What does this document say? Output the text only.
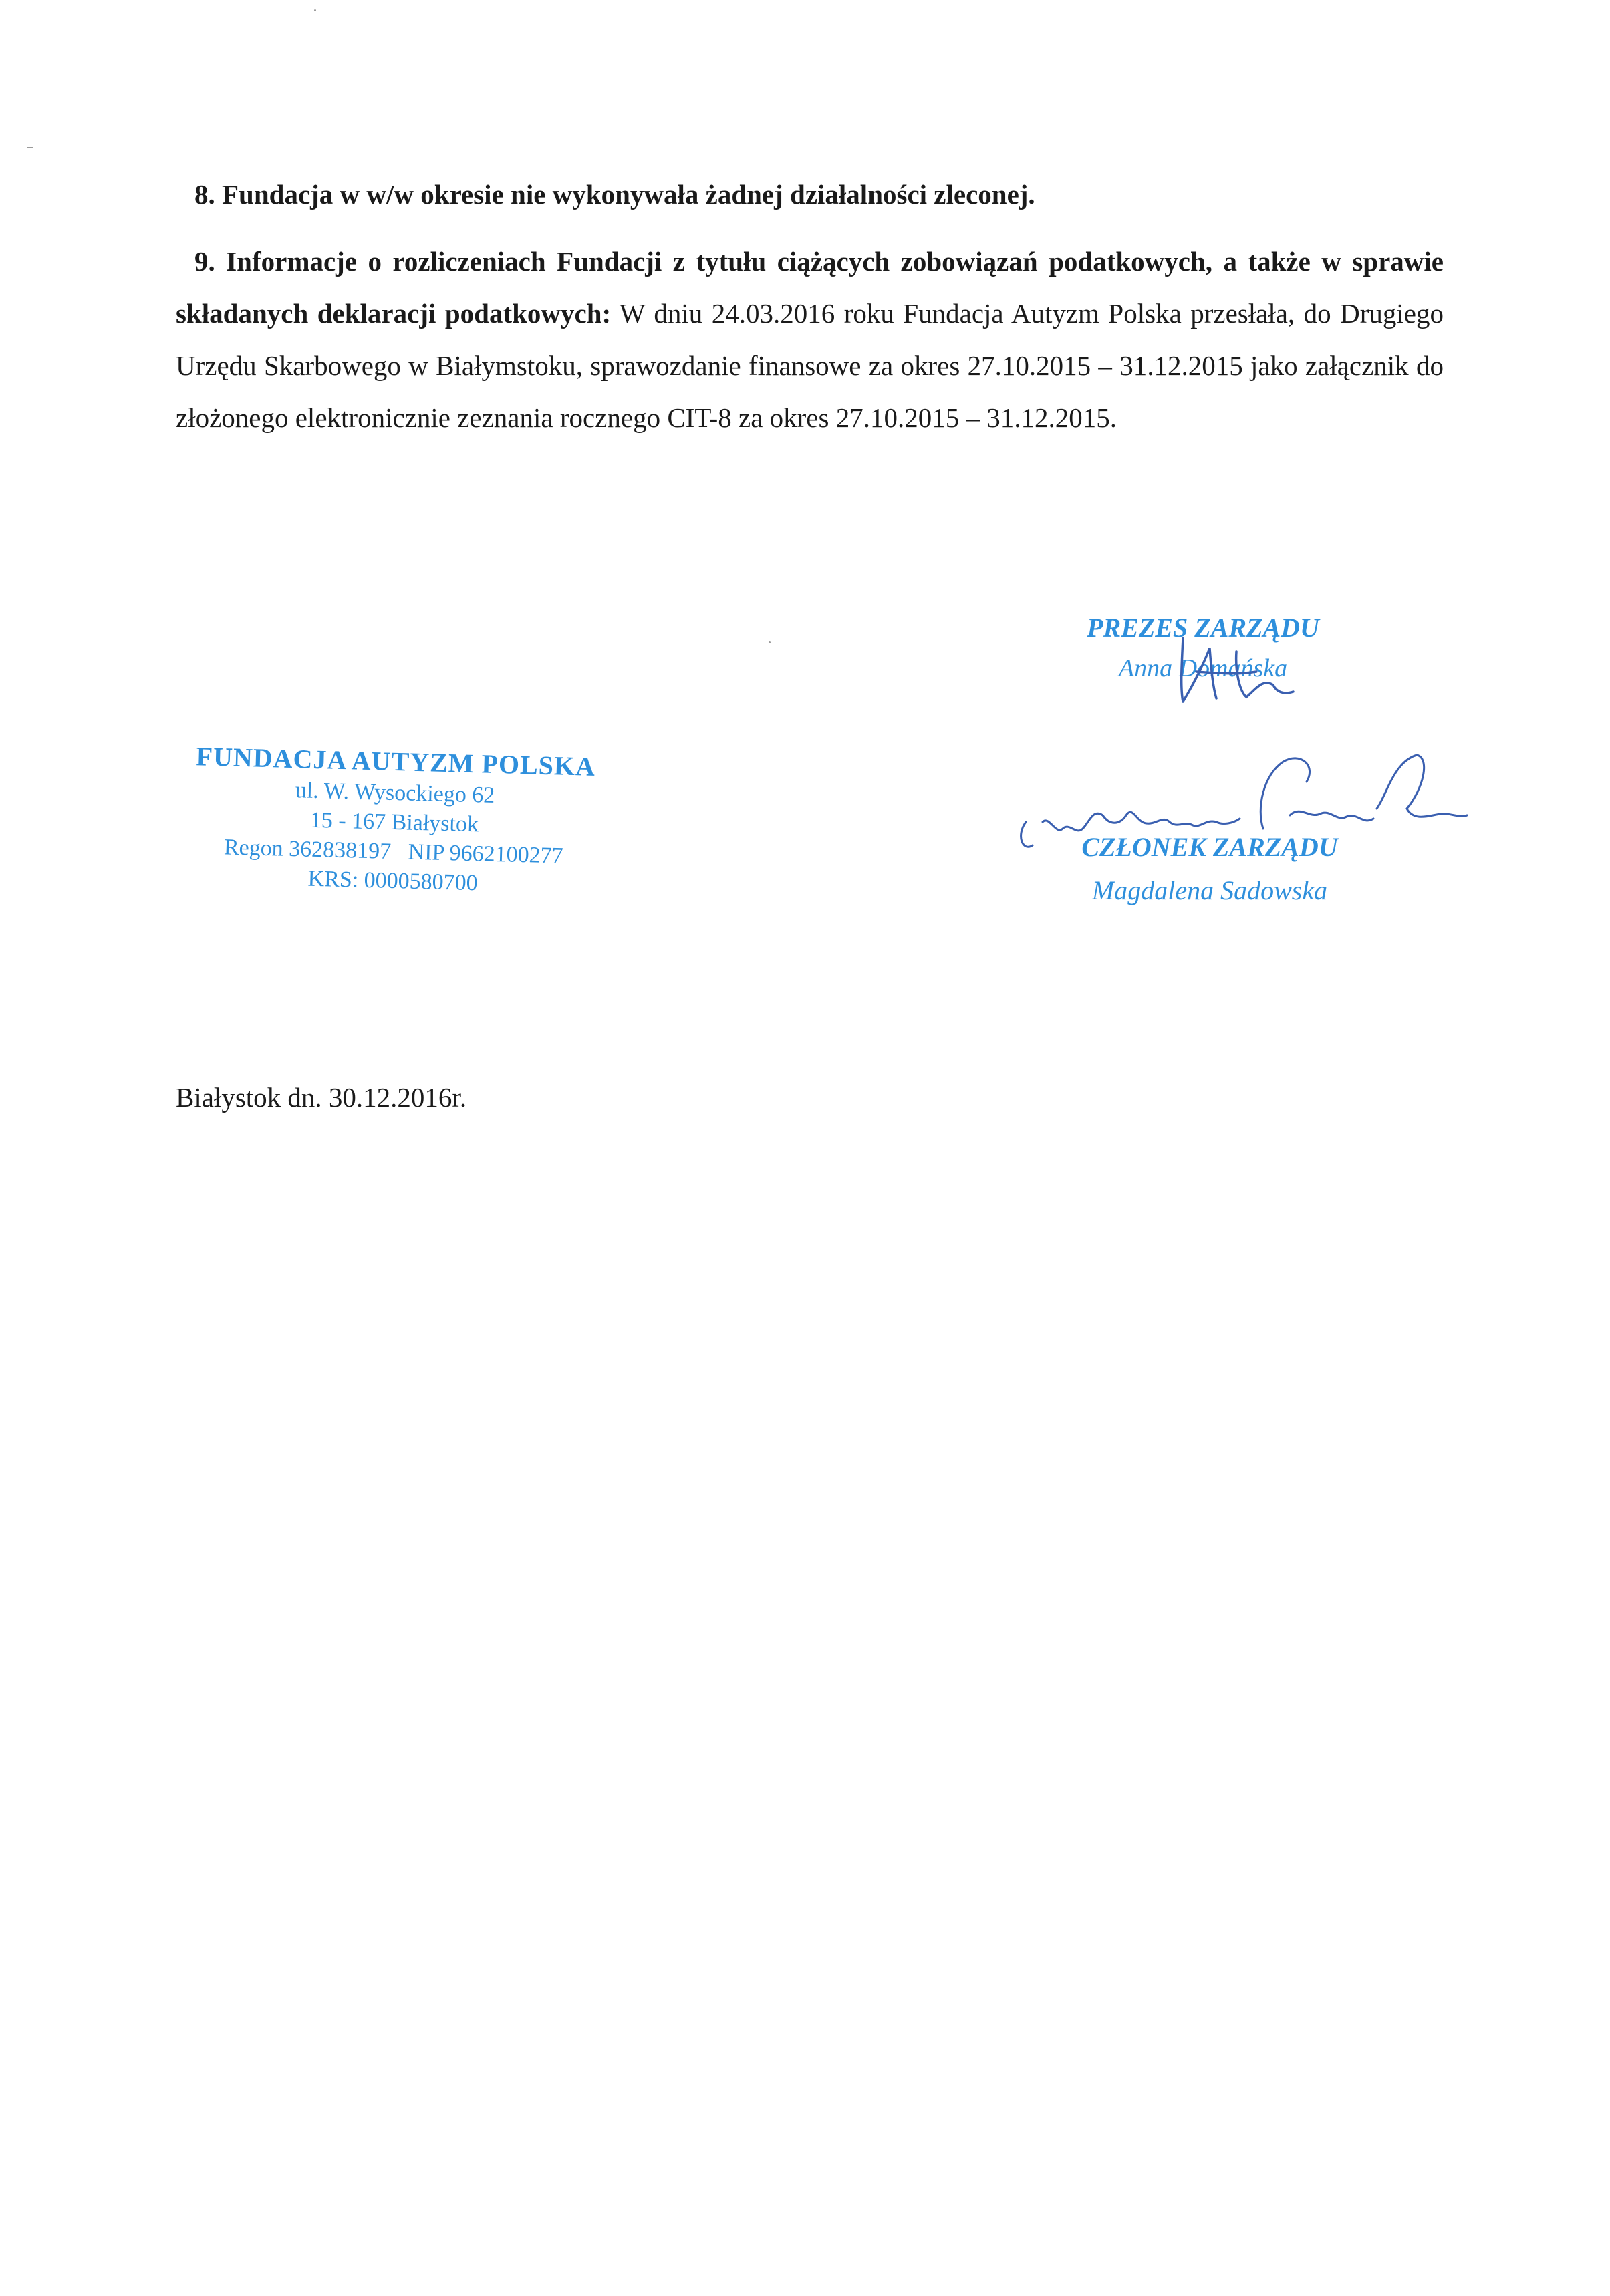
8. Fundacja w w/w okresie nie wykonywała żadnej działalności zleconej.
9. Informacje o rozliczeniach Fundacji z tytułu ciążących zobowiązań podatkowych, a także w sprawie składanych deklaracji podatkowych: W dniu 24.03.2016 roku Fundacja Autyzm Polska przesłała, do Drugiego Urzędu Skarbowego w Białymstoku, sprawozdanie finansowe za okres 27.10.2015 – 31.12.2015 jako załącznik do złożonego elektronicznie zeznania rocznego CIT-8 za okres 27.10.2015 – 31.12.2015.
PREZES ZARZĄDU
Anna Domańska
FUNDACJA AUTYZM POLSKA
ul. W. Wysockiego 62
15 - 167 Białystok
Regon 362838197   NIP 9662100277
KRS: 0000580700
CZŁONEK ZARZĄDU
Magdalena Sadowska
Białystok dn. 30.12.2016r.
